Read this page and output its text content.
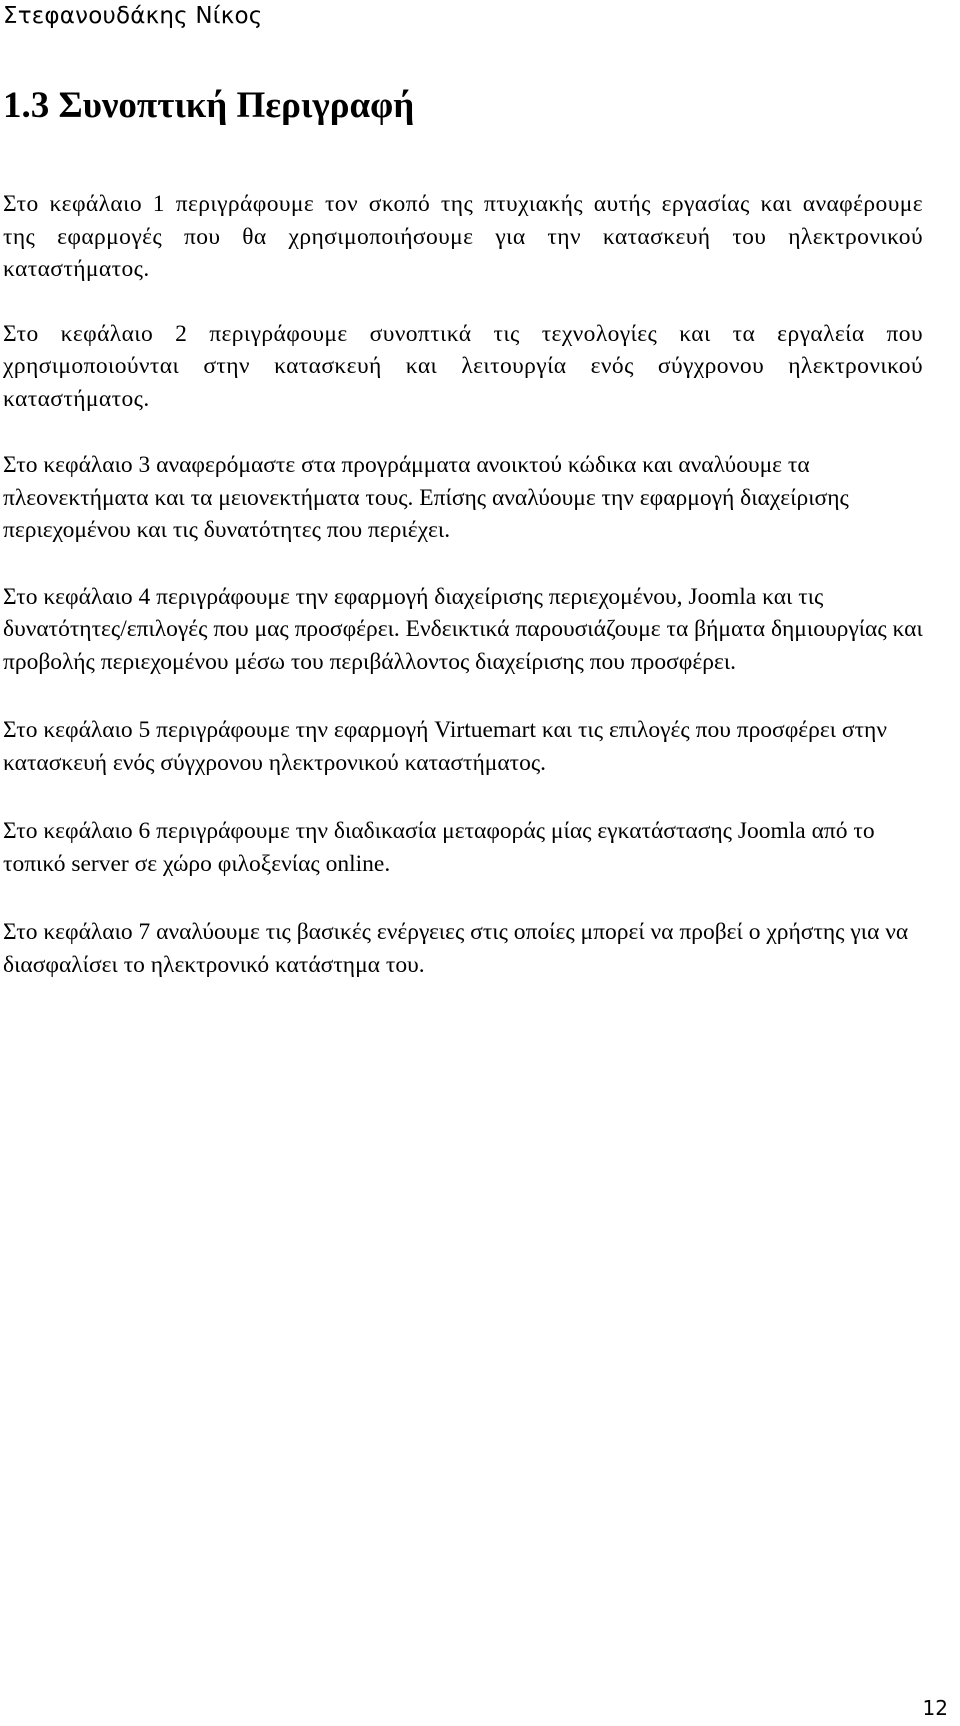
Στεφανουδάκης Νίκος
1.3 Συνοπτική Περιγραφή

Στο κεφάλαιο 1 περιγράφουμε τον σκοπό της πτυχιακής αυτής εργασίας και αναφέρουμε της εφαρμογές που θα χρησιμοποιήσουμε για την κατασκευή του ηλεκτρονικού καταστήματος.

Στο κεφάλαιο 2 περιγράφουμε συνοπτικά τις τεχνολογίες και τα εργαλεία που χρησιμοποιούνται στην κατασκευή και λειτουργία ενός σύγχρονου ηλεκτρονικού καταστήματος.

Στο κεφάλαιο 3 αναφερόμαστε στα προγράμματα ανοικτού κώδικα και αναλύουμε τα πλεονεκτήματα και τα μειονεκτήματα τους. Επίσης αναλύουμε την εφαρμογή διαχείρισης περιεχομένου και τις δυνατότητες που περιέχει.

Στο κεφάλαιο 4 περιγράφουμε την εφαρμογή διαχείρισης περιεχομένου, Joomla και τις δυνατότητες/επιλογές που μας προσφέρει. Ενδεικτικά παρουσιάζουμε τα βήματα δημιουργίας και προβολής περιεχομένου μέσω του περιβάλλοντος διαχείρισης που προσφέρει.

Στο κεφάλαιο 5 περιγράφουμε την εφαρμογή Virtuemart και τις επιλογές που προσφέρει στην κατασκευή ενός σύγχρονου ηλεκτρονικού καταστήματος.

Στο κεφάλαιο 6 περιγράφουμε την διαδικασία μεταφοράς μίας εγκατάστασης Joomla από το τοπικό server σε χώρο φιλοξενίας online.

Στο κεφάλαιο 7 αναλύουμε τις βασικές ενέργειες στις οποίες μπορεί να προβεί ο χρήστης για να διασφαλίσει το ηλεκτρονικό κατάστημα του.

12
